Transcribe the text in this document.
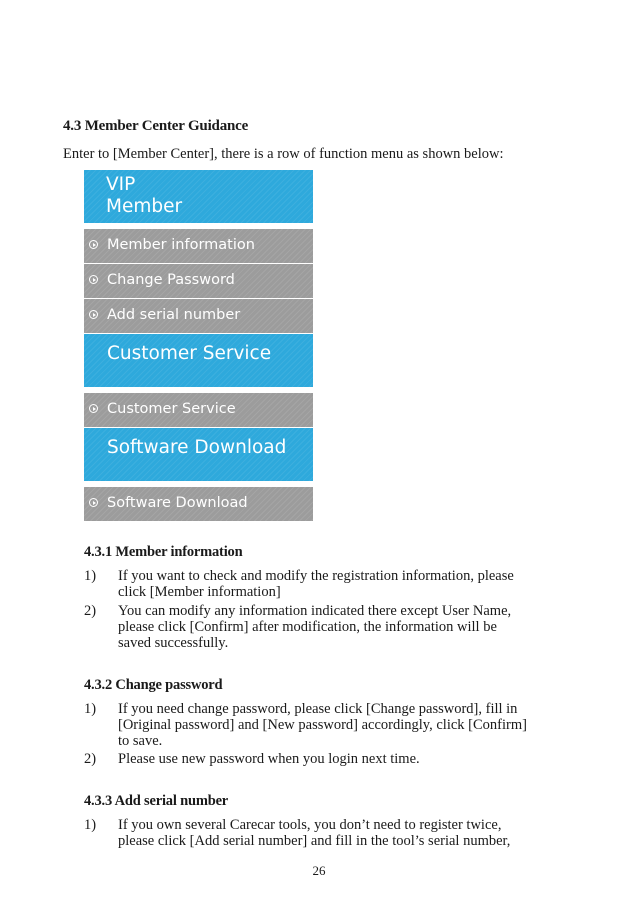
4.3 Member Center Guidance
Enter to [Member Center], there is a row of function menu as shown below:
VIP
Member
Member information
Change Password
Add serial number
Customer Service
Customer Service
Software Download
Software Download
4.3.1 Member information
1) If you want to check and modify the registration information, please
click [Member information]
2) You can modify any information indicated there except User Name,
please click [Confirm] after modification, the information will be
saved successfully.
4.3.2 Change password
1) If you need change password, please click [Change password], fill in
[Original password] and [New password] accordingly, click [Confirm]
to save.
2) Please use new password when you login next time.
4.3.3 Add serial number
1) If you own several Carecar tools, you don’t need to register twice,
please click [Add serial number] and fill in the tool’s serial number,
26
